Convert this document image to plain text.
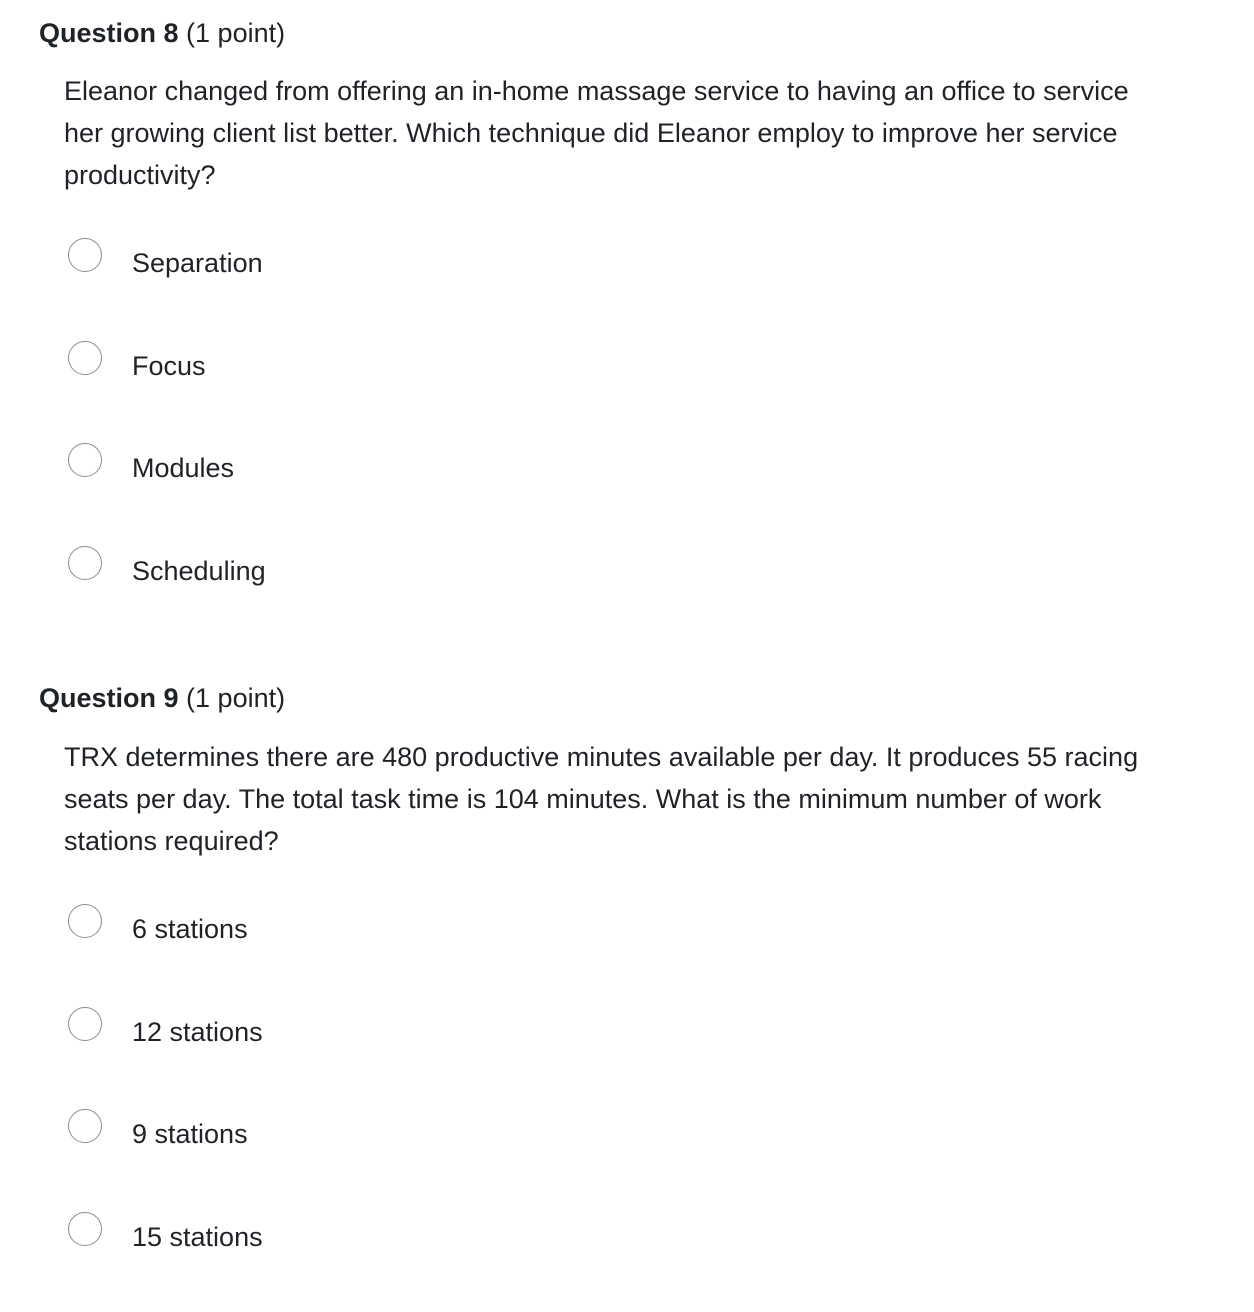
Question 8 (1 point)

Eleanor changed from offering an in-home massage service to having an office to service her growing client list better. Which technique did Eleanor employ to improve her service productivity?

Separation
Focus
Modules
Scheduling
Question 9 (1 point)

TRX determines there are 480 productive minutes available per day. It produces 55 racing seats per day. The total task time is 104 minutes. What is the minimum number of work stations required?

6 stations
12 stations
9 stations
15 stations
